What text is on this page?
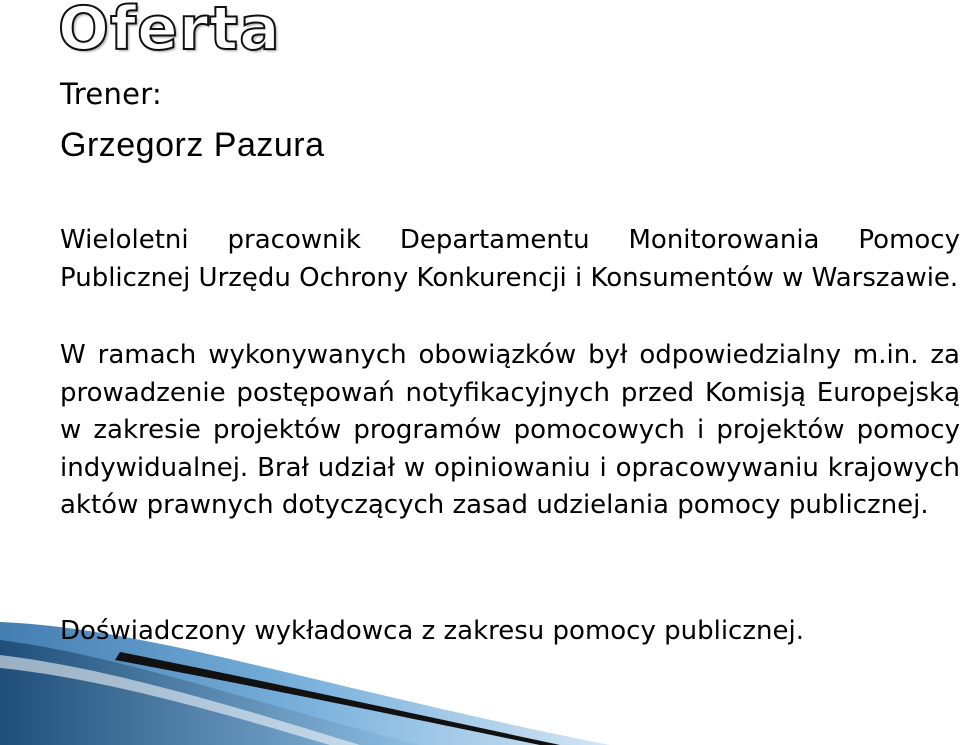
Oferta
Trener:
Grzegorz Pazura

Wieloletni pracownik Departamentu Monitorowania Pomocy Publicznej Urzędu Ochrony Konkurencji i Konsumentów w Warszawie.

W ramach wykonywanych obowiązków był odpowiedzialny m.in. za prowadzenie postępowań notyfikacyjnych przed Komisją Europejską w zakresie projektów programów pomocowych i projektów pomocy indywidualnej. Brał udział w opiniowaniu i opracowywaniu krajowych aktów prawnych dotyczących zasad udzielania pomocy publicznej.

Doświadczony wykładowca z zakresu pomocy publicznej.
